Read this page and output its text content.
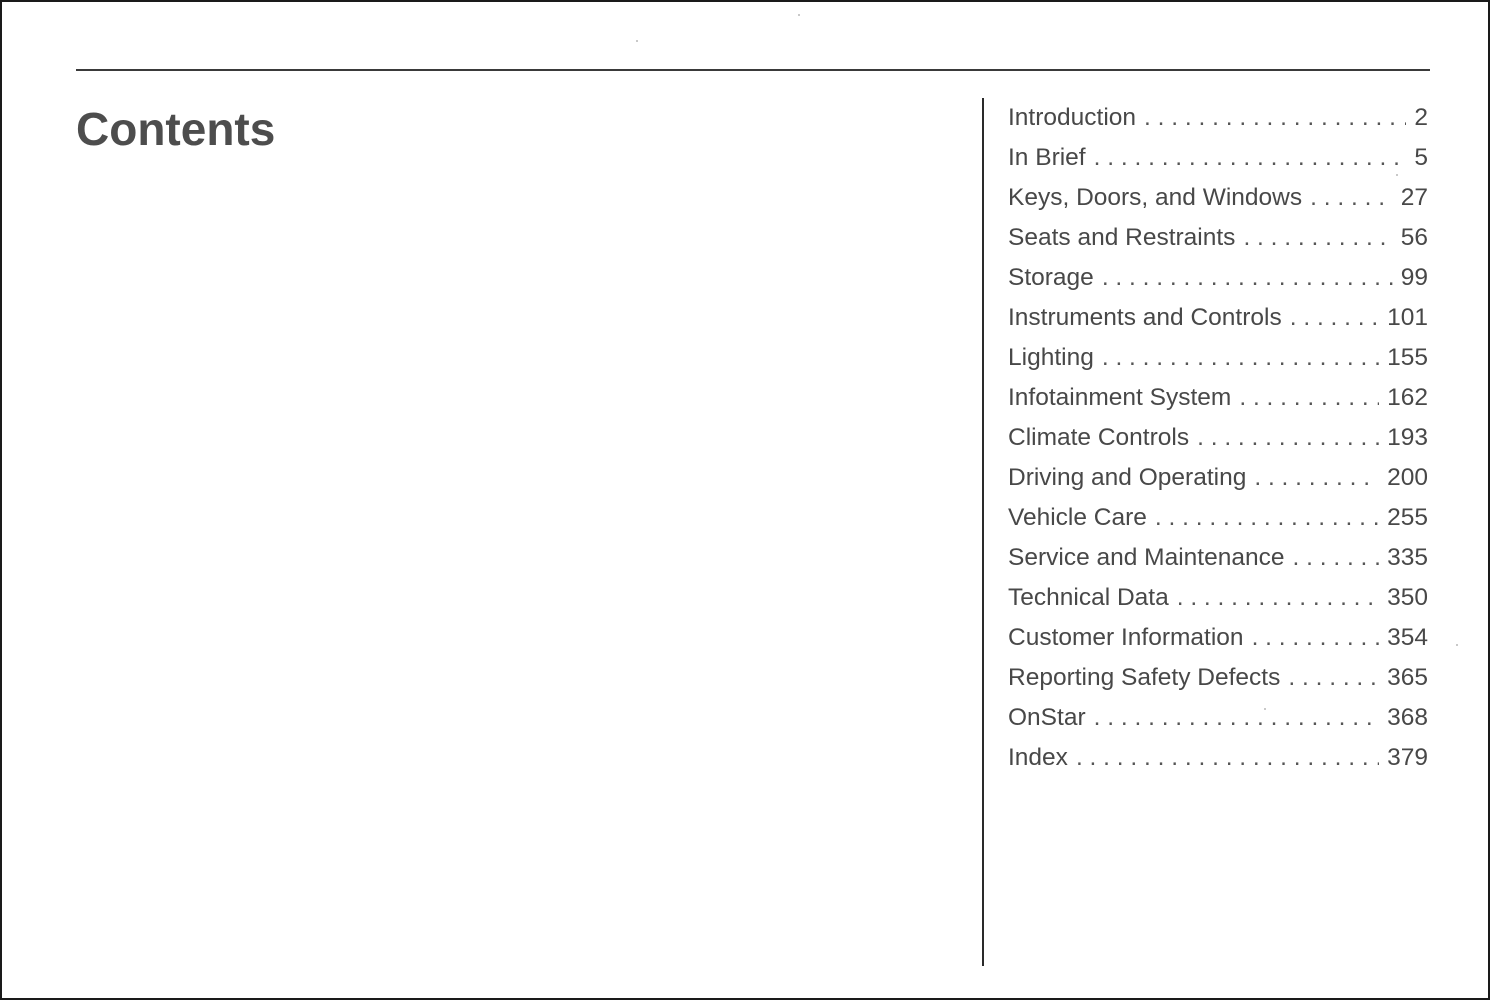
Contents	Introduction . . .	2
In Brief . . .	5
Keys, Doors, and Windows . . .	27
Seats and Restraints . . .	56
Storage . . .	99
Instruments and Controls . . .	101
Lighting . . .	155
Infotainment System . . .	162
Climate Controls . . .	193
Driving and Operating . . .	200
Vehicle Care . . .	255
Service and Maintenance . . .	335
Technical Data . . .	350
Customer Information . . .	354
Reporting Safety Defects . . .	365
OnStar . . .	368
Index . . .	379
